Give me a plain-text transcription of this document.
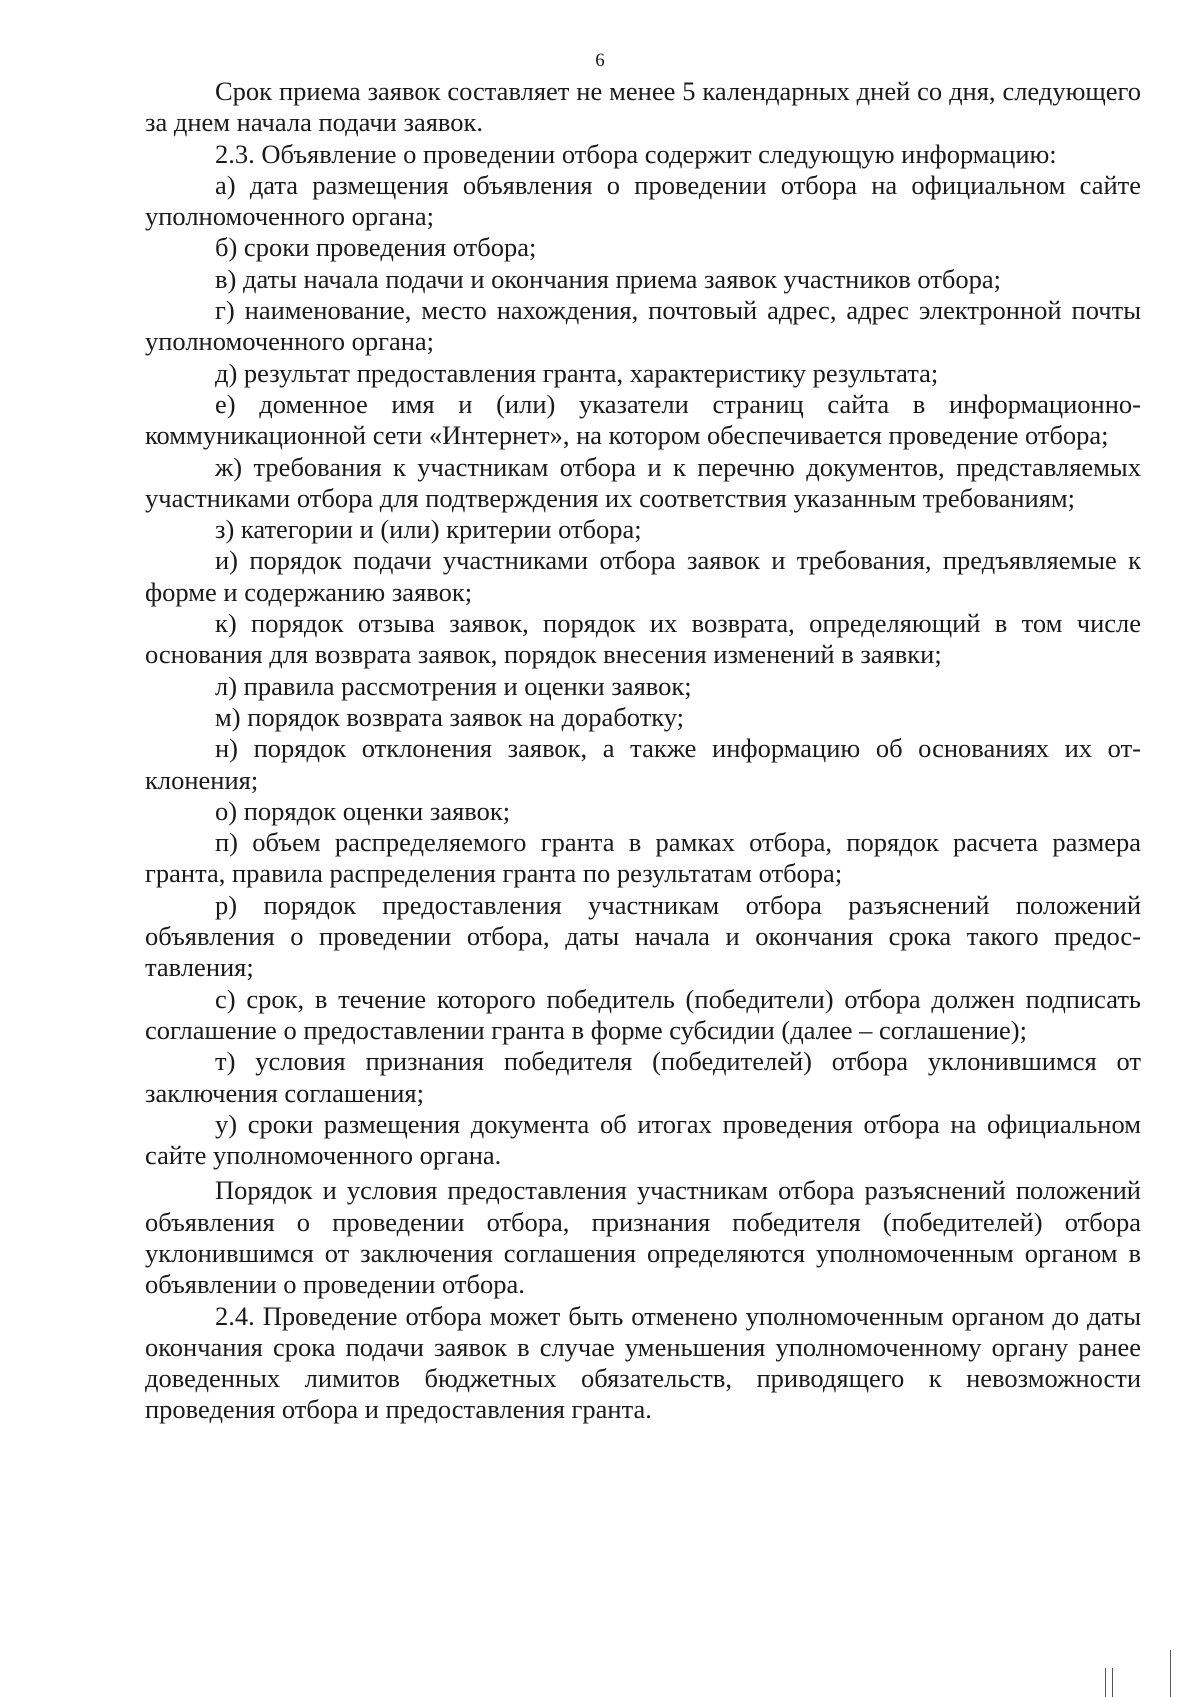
6

Срок приема заявок составляет не менее 5 календарных дней со дня, следующего за днем начала подачи заявок.

2.3. Объявление о проведении отбора содержит следующую информацию:

а) дата размещения объявления о проведении отбора на официальном сайте уполномоченного органа;

б) сроки проведения отбора;

в) даты начала подачи и окончания приема заявок участников отбора;

г) наименование, место нахождения, почтовый адрес, адрес электронной почты уполномоченного органа;

д) результат предоставления гранта, характеристику результата;

е) доменное имя и (или) указатели страниц сайта в информационно-коммуникационной сети «Интернет», на котором обеспечивается проведение отбора;

ж) требования к участникам отбора и к перечню документов, представляемых участниками отбора для подтверждения их соответствия указанным требованиям;

з) категории и (или) критерии отбора;

и) порядок подачи участниками отбора заявок и требования, предъявляемые к форме и содержанию заявок;

к) порядок отзыва заявок, порядок их возврата, определяющий в том числе основания для возврата заявок, порядок внесения изменений в заявки;

л) правила рассмотрения и оценки заявок;

м) порядок возврата заявок на доработку;

н) порядок отклонения заявок, а также информацию об основаниях их отклонения;

о) порядок оценки заявок;

п) объем распределяемого гранта в рамках отбора, порядок расчета размера гранта, правила распределения гранта по результатам отбора;

р) порядок предоставления участникам отбора разъяснений положений объявления о проведении отбора, даты начала и окончания срока такого предоставления;

с) срок, в течение которого победитель (победители) отбора должен подписать соглашение о предоставлении гранта в форме субсидии (далее – соглашение);

т) условия признания победителя (победителей) отбора уклонившимся от заключения соглашения;

у) сроки размещения документа об итогах проведения отбора на официальном сайте уполномоченного органа.

Порядок и условия предоставления участникам отбора разъяснений положений объявления о проведении отбора, признания победителя (победителей) отбора уклонившимся от заключения соглашения определяются уполномоченным органом в объявлении о проведении отбора.

2.4. Проведение отбора может быть отменено уполномоченным органом до даты окончания срока подачи заявок в случае уменьшения уполномоченному органу ранее доведенных лимитов бюджетных обязательств, приводящего к невозможности проведения отбора и предоставления гранта.
